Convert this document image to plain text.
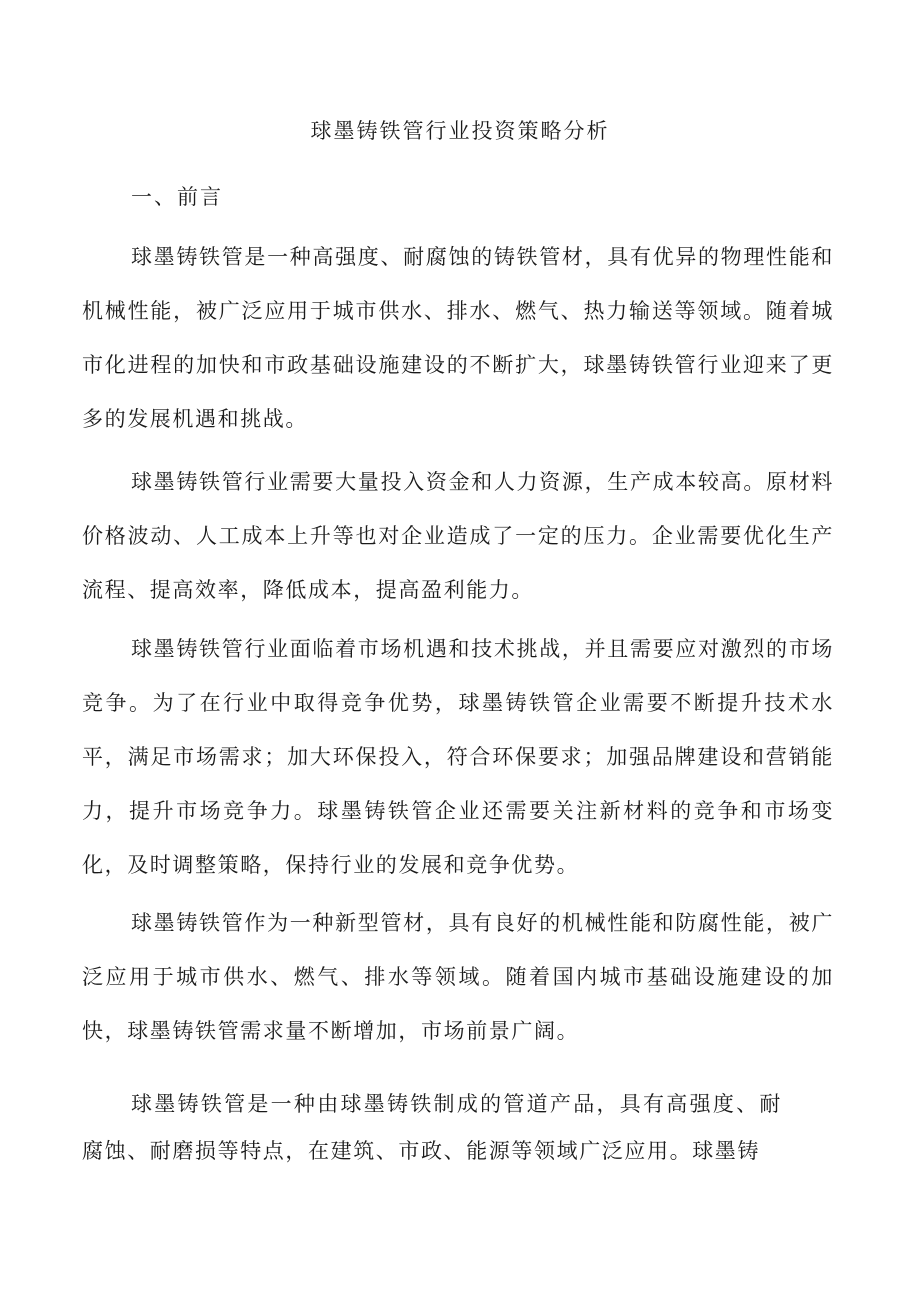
球墨铸铁管行业投资策略分析
一、前言

球墨铸铁管是一种高强度、耐腐蚀的铸铁管材，具有优异的物理性能和机械性能，被广泛应用于城市供水、排水、燃气、热力输送等领域。随着城市化进程的加快和市政基础设施建设的不断扩大，球墨铸铁管行业迎来了更多的发展机遇和挑战。

球墨铸铁管行业需要大量投入资金和人力资源，生产成本较高。原材料价格波动、人工成本上升等也对企业造成了一定的压力。企业需要优化生产流程、提高效率，降低成本，提高盈利能力。

球墨铸铁管行业面临着市场机遇和技术挑战，并且需要应对激烈的市场竞争。为了在行业中取得竞争优势，球墨铸铁管企业需要不断提升技术水平，满足市场需求；加大环保投入，符合环保要求；加强品牌建设和营销能力，提升市场竞争力。球墨铸铁管企业还需要关注新材料的竞争和市场变化，及时调整策略，保持行业的发展和竞争优势。

球墨铸铁管作为一种新型管材，具有良好的机械性能和防腐性能，被广泛应用于城市供水、燃气、排水等领域。随着国内城市基础设施建设的加快，球墨铸铁管需求量不断增加，市场前景广阔。

球墨铸铁管是一种由球墨铸铁制成的管道产品，具有高强度、耐腐蚀、耐磨损等特点，在建筑、市政、能源等领域广泛应用。球墨铸
